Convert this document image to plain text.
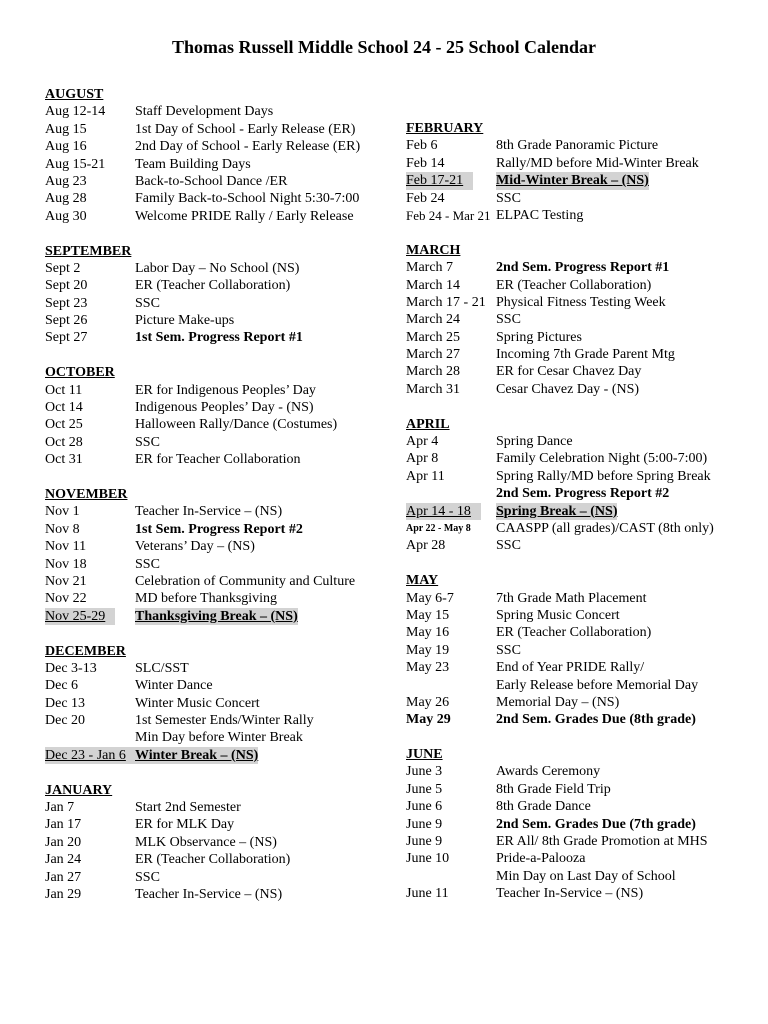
Thomas Russell Middle School 24 - 25 School Calendar
AUGUST
Aug 12-14 Staff Development Days
Aug 15	1st Day of School - Early Release (ER)
Aug 16	2nd Day of School - Early Release (ER)
Aug 15-21 Team Building Days
Aug 23	Back-to-School Dance /ER
Aug 28	Family Back-to-School Night 5:30-7:00
Aug 30	Welcome PRIDE Rally / Early Release
SEPTEMBER
Sept 2	Labor Day – No School (NS)
Sept 20	ER (Teacher Collaboration)
Sept 23	SSC
Sept 26	Picture Make-ups
Sept 27	1st Sem. Progress Report #1
OCTOBER
Oct 11	ER for Indigenous Peoples’ Day
Oct 14	Indigenous Peoples’ Day - (NS)
Oct 25	Halloween Rally/Dance (Costumes)
Oct 28	SSC
Oct 31	ER for Teacher Collaboration
NOVEMBER
Nov 1	Teacher In-Service – (NS)
Nov 8	1st Sem. Progress Report #2
Nov 11	Veterans’ Day – (NS)
Nov 18	SSC
Nov 21	Celebration of Community and Culture
Nov 22	MD before Thanksgiving
Nov 25-29	Thanksgiving Break – (NS)
DECEMBER
Dec 3-13	SLC/SST
Dec 6	Winter Dance
Dec 13	Winter Music Concert
Dec 20	1st Semester Ends/Winter Rally
Min Day before Winter Break
Dec 23 - Jan 6 Winter Break – (NS)
JANUARY
Jan 7	Start 2nd Semester
Jan 17	ER for MLK Day
Jan 20	MLK Observance – (NS)
Jan 24	ER (Teacher Collaboration)
Jan 27	SSC
Jan 29	Teacher In-Service – (NS)
FEBRUARY
Feb 6	8th Grade Panoramic Picture
Feb 14	Rally/MD before Mid-Winter Break
Feb 17-21	Mid-Winter Break – (NS)
Feb 24	SSC
Feb 24 - Mar 21 ELPAC Testing
MARCH
March 7	2nd Sem. Progress Report #1
March 14	ER (Teacher Collaboration)
March 17 - 21 Physical Fitness Testing Week
March 24	SSC
March 25	Spring Pictures
March 27	Incoming 7th Grade Parent Mtg
March 28	ER for Cesar Chavez Day
March 31	Cesar Chavez Day - (NS)
APRIL
Apr 4	Spring Dance
Apr 8	Family Celebration Night (5:00-7:00)
Apr 11	Spring Rally/MD before Spring Break
2nd Sem. Progress Report #2
Apr 14 - 18	Spring Break – (NS)
Apr 22 - May 8 CAASPP (all grades)/CAST (8th only)
Apr 28	SSC
MAY
May 6-7	7th Grade Math Placement
May 15	Spring Music Concert
May 16	ER (Teacher Collaboration)
May 19	SSC
May 23	End of Year PRIDE Rally/
Early Release before Memorial Day
May 26	Memorial Day – (NS)
May 29	2nd Sem. Grades Due (8th grade)
JUNE
June 3	Awards Ceremony
June 5	8th Grade Field Trip
June 6	8th Grade Dance
June 9	2nd Sem. Grades Due (7th grade)
June 9	ER All/ 8th Grade Promotion at MHS
June 10	Pride-a-Palooza
Min Day on Last Day of School
June 11	Teacher In-Service – (NS)
